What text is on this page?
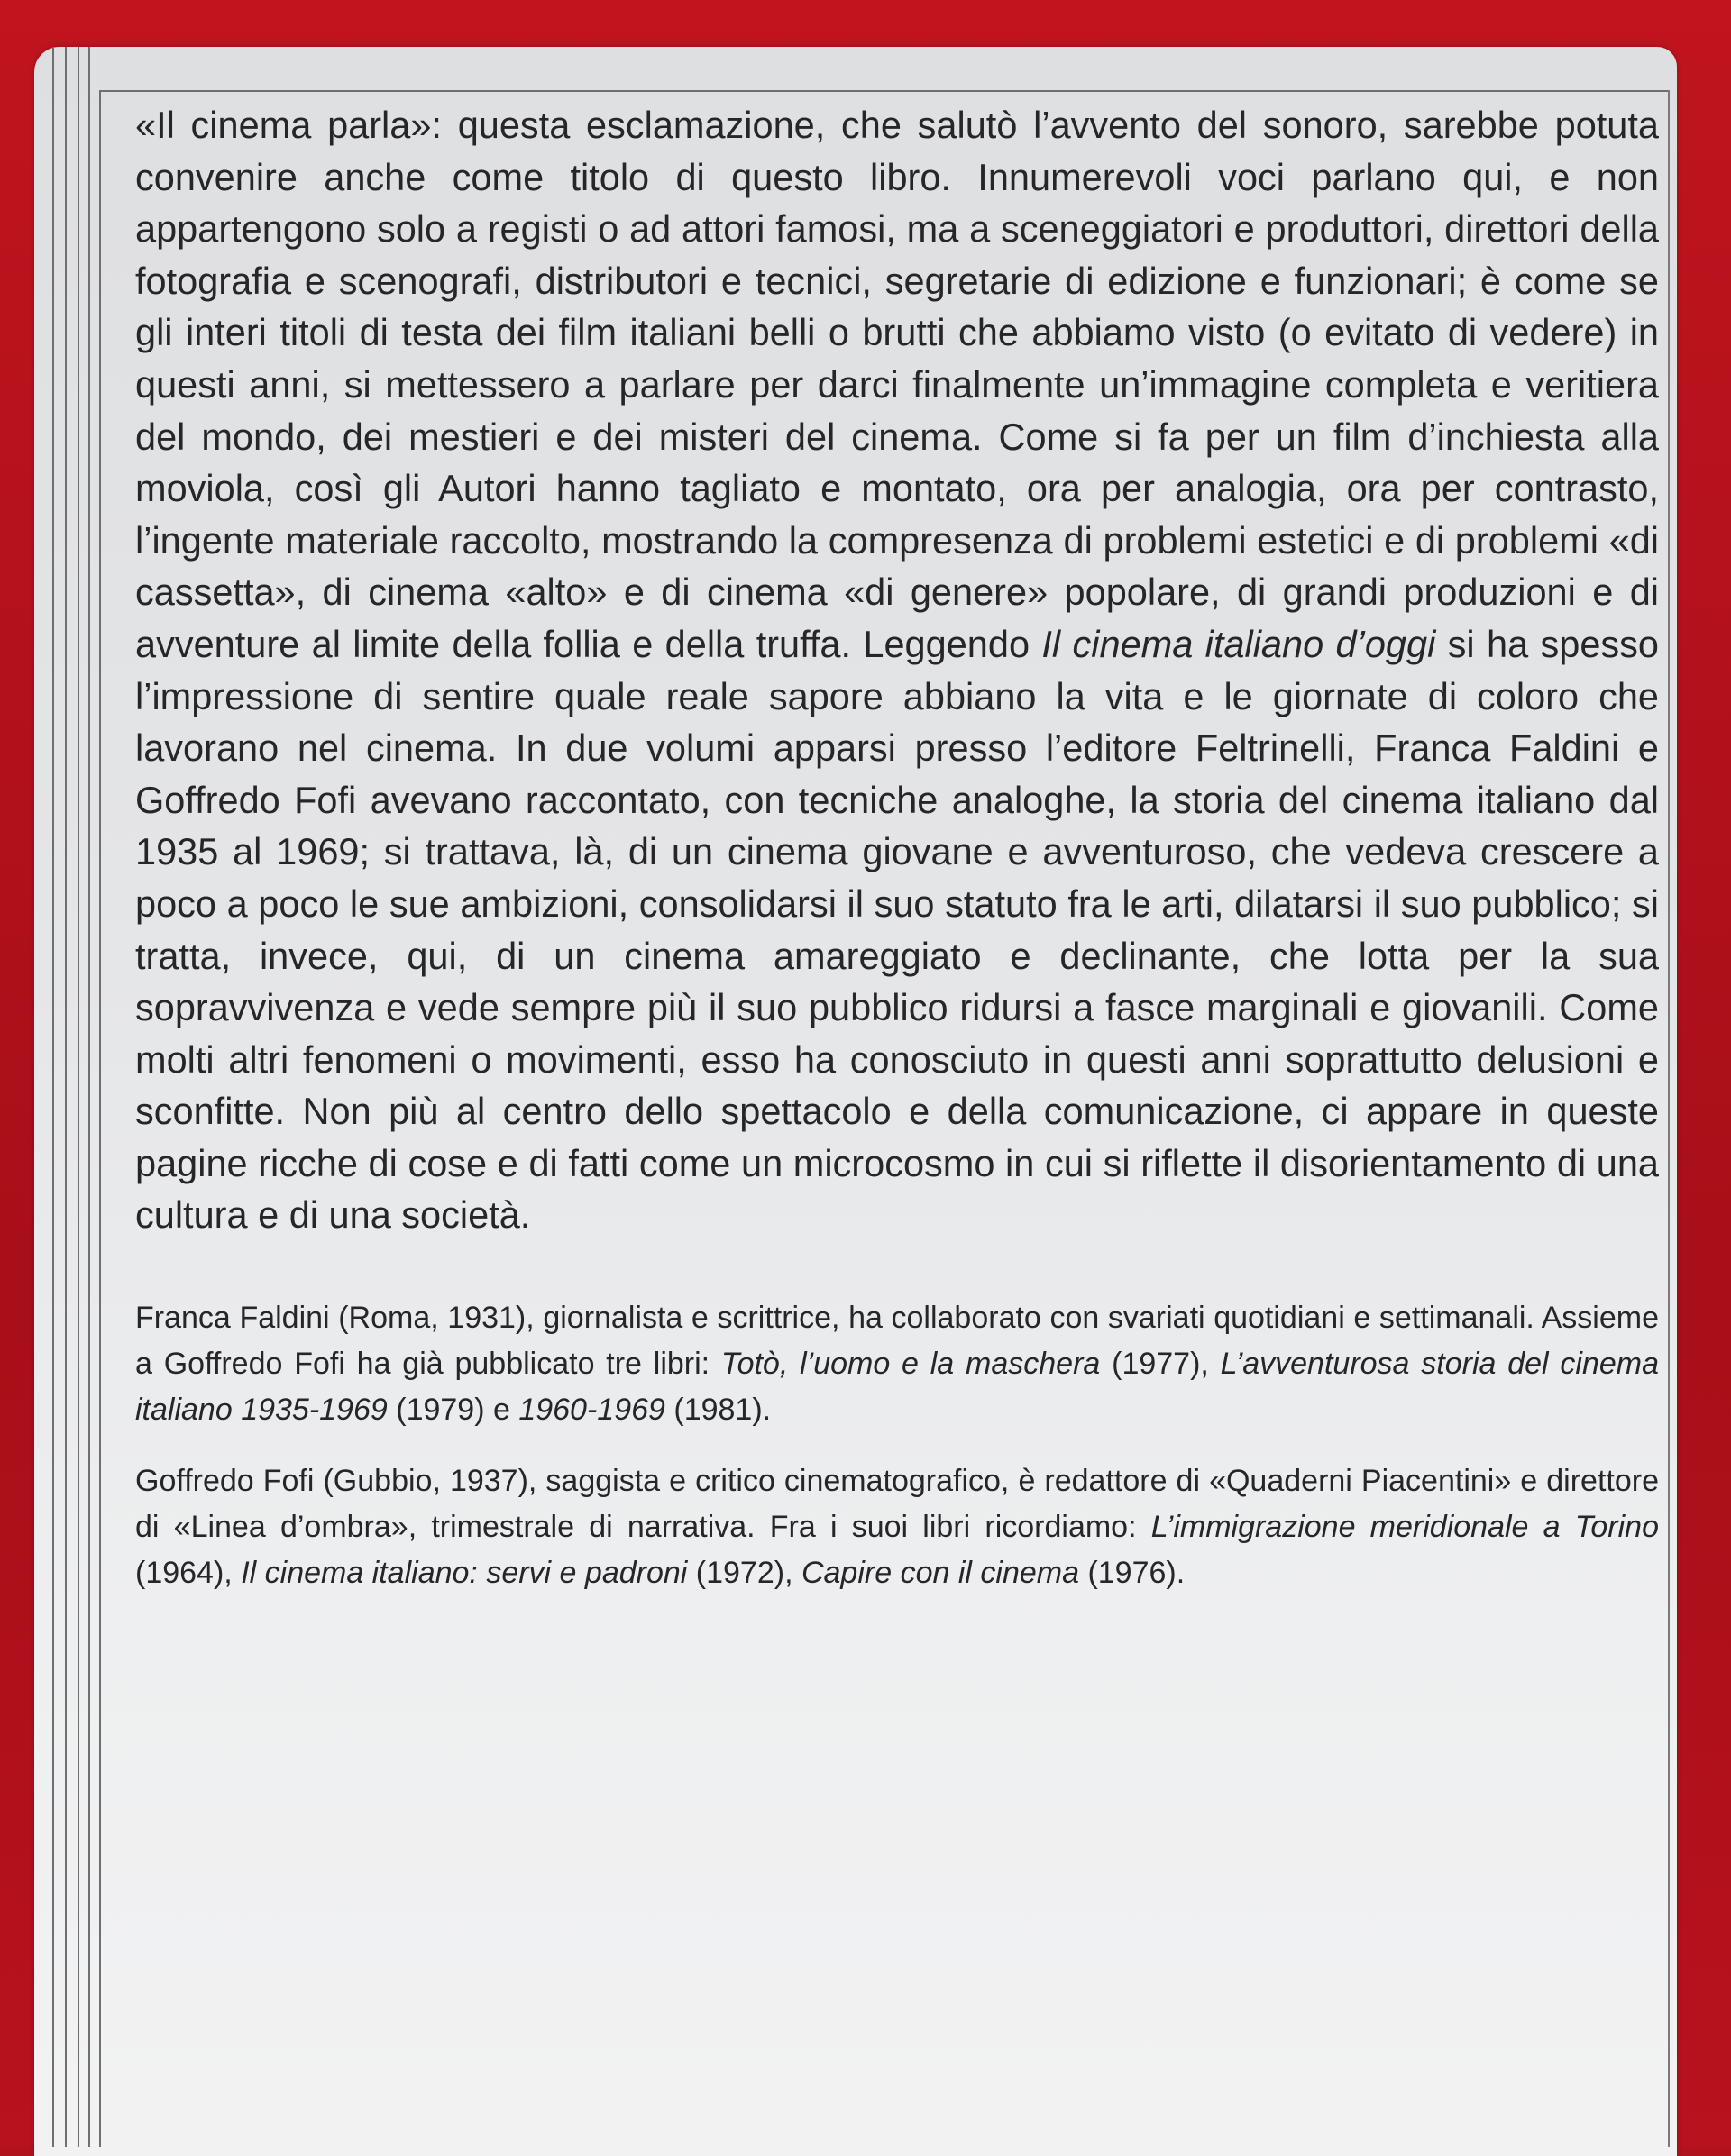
«Il cinema parla»: questa esclamazione, che salutò l’avvento del sonoro, sarebbe potuta convenire anche come titolo di questo libro. Innumerevoli voci parlano qui, e non appartengono solo a registi o ad attori famosi, ma a sceneggiatori e produttori, direttori della fotografia e scenografi, distributori e tecnici, segretarie di edizione e funzionari; è come se gli interi titoli di testa dei film italiani belli o brutti che abbiamo visto (o evitato di vedere) in questi anni, si mettessero a parlare per darci finalmente un’immagine completa e veritiera del mondo, dei mestieri e dei misteri del cinema. Come si fa per un film d’inchiesta alla moviola, così gli Autori hanno tagliato e montato, ora per analogia, ora per contrasto, l’ingente materiale raccolto, mostrando la compresenza di problemi estetici e di problemi «di cassetta», di cinema «alto» e di cinema «di genere» popolare, di grandi produzioni e di avventure al limite della follia e della truffa. Leggendo Il cinema italiano d’oggi si ha spesso l’impressione di sentire quale reale sapore abbiano la vita e le giornate di coloro che lavorano nel cinema. In due volumi apparsi presso l’editore Feltrinelli, Franca Faldini e Goffredo Fofi avevano raccontato, con tecniche analoghe, la storia del cinema italiano dal 1935 al 1969; si trattava, là, di un cinema giovane e avventuroso, che vedeva crescere a poco a poco le sue ambizioni, consolidarsi il suo statuto fra le arti, dilatarsi il suo pubblico; si tratta, invece, qui, di un cinema amareggiato e declinante, che lotta per la sua sopravvivenza e vede sempre più il suo pubblico ridursi a fasce marginali e giovanili. Come molti altri fenomeni o movimenti, esso ha conosciuto in questi anni soprattutto delusioni e sconfitte. Non più al centro dello spettacolo e della comunicazione, ci appare in queste pagine ricche di cose e di fatti come un microcosmo in cui si riflette il disorientamento di una cultura e di una società.

Franca Faldini (Roma, 1931), giornalista e scrittrice, ha collaborato con svariati quotidiani e settimanali. Assieme a Goffredo Fofi ha già pubblicato tre libri: Totò, l’uomo e la maschera (1977), L’avventurosa storia del cinema italiano 1935-1969 (1979) e 1960-1969 (1981).

Goffredo Fofi (Gubbio, 1937), saggista e critico cinematografico, è redattore di «Quaderni Piacentini» e direttore di «Linea d’ombra», trimestrale di narrativa. Fra i suoi libri ricordiamo: L’immigrazione meridionale a Torino (1964), Il cinema italiano: servi e padroni (1972), Capire con il cinema (1976).
